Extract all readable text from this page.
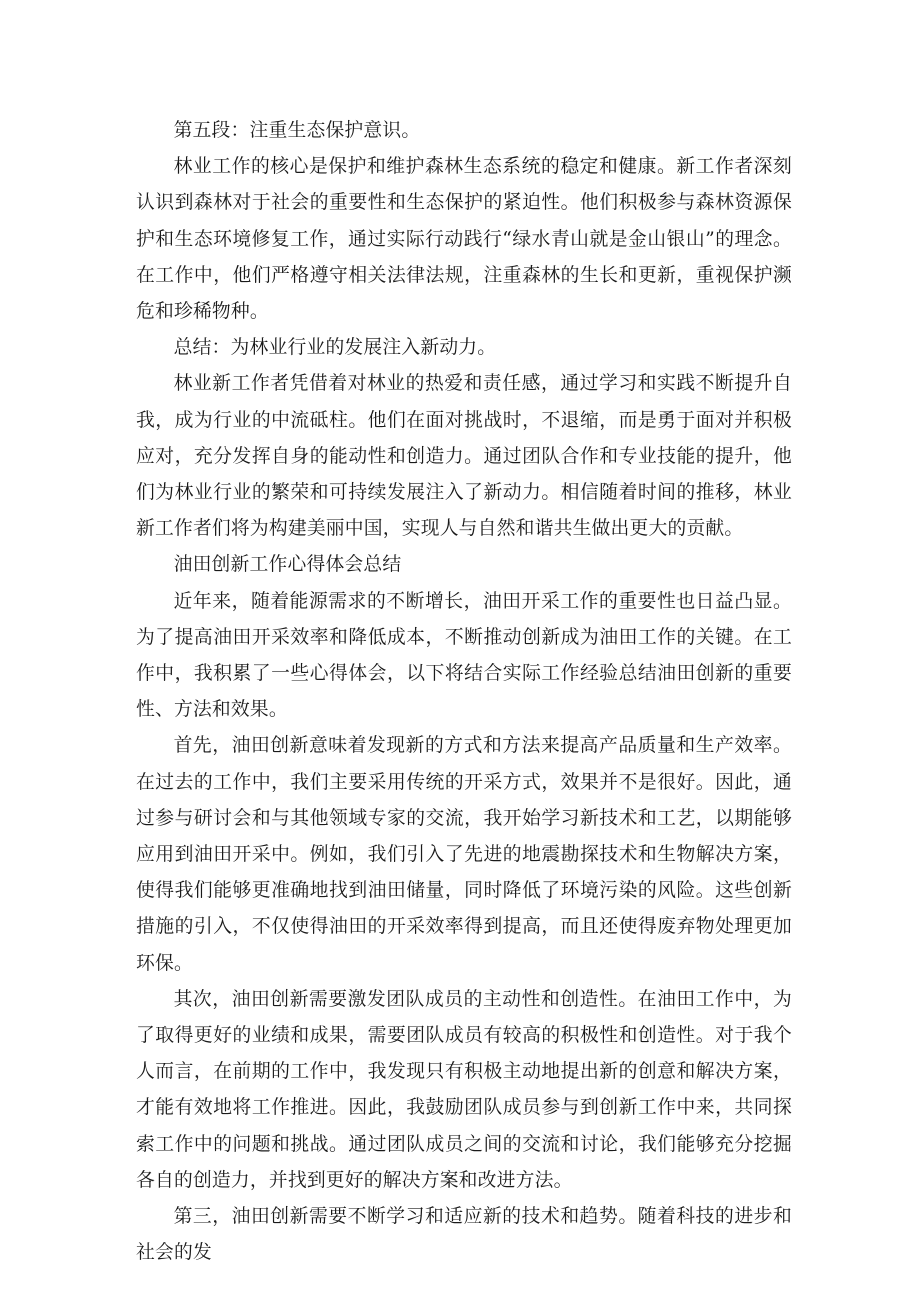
第五段：注重生态保护意识。

林业工作的核心是保护和维护森林生态系统的稳定和健康。新工作者深刻认识到森林对于社会的重要性和生态保护的紧迫性。他们积极参与森林资源保护和生态环境修复工作，通过实际行动践行“绿水青山就是金山银山”的理念。在工作中，他们严格遵守相关法律法规，注重森林的生长和更新，重视保护濒危和珍稀物种。

总结：为林业行业的发展注入新动力。

林业新工作者凭借着对林业的热爱和责任感，通过学习和实践不断提升自我，成为行业的中流砥柱。他们在面对挑战时，不退缩，而是勇于面对并积极应对，充分发挥自身的能动性和创造力。通过团队合作和专业技能的提升，他们为林业行业的繁荣和可持续发展注入了新动力。相信随着时间的推移，林业新工作者们将为构建美丽中国，实现人与自然和谐共生做出更大的贡献。

油田创新工作心得体会总结

近年来，随着能源需求的不断增长，油田开采工作的重要性也日益凸显。为了提高油田开采效率和降低成本，不断推动创新成为油田工作的关键。在工作中，我积累了一些心得体会，以下将结合实际工作经验总结油田创新的重要性、方法和效果。

首先，油田创新意味着发现新的方式和方法来提高产品质量和生产效率。在过去的工作中，我们主要采用传统的开采方式，效果并不是很好。因此，通过参与研讨会和与其他领域专家的交流，我开始学习新技术和工艺，以期能够应用到油田开采中。例如，我们引入了先进的地震勘探技术和生物解决方案，使得我们能够更准确地找到油田储量，同时降低了环境污染的风险。这些创新措施的引入，不仅使得油田的开采效率得到提高，而且还使得废弃物处理更加环保。

其次，油田创新需要激发团队成员的主动性和创造性。在油田工作中，为了取得更好的业绩和成果，需要团队成员有较高的积极性和创造性。对于我个人而言，在前期的工作中，我发现只有积极主动地提出新的创意和解决方案，才能有效地将工作推进。因此，我鼓励团队成员参与到创新工作中来，共同探索工作中的问题和挑战。通过团队成员之间的交流和讨论，我们能够充分挖掘各自的创造力，并找到更好的解决方案和改进方法。

第三，油田创新需要不断学习和适应新的技术和趋势。随着科技的进步和社会的发
